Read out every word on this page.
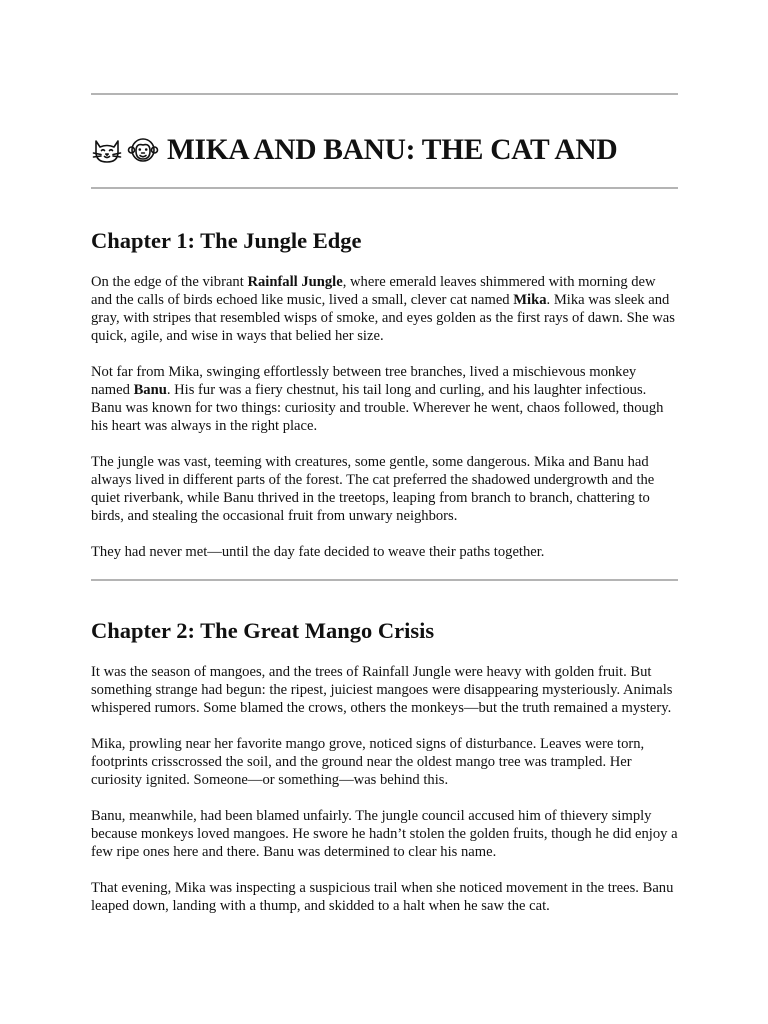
MIKA AND BANU: THE CAT AND
Chapter 1: The Jungle Edge

On the edge of the vibrant Rainfall Jungle, where emerald leaves shimmered with morning dew and the calls of birds echoed like music, lived a small, clever cat named Mika. Mika was sleek and gray, with stripes that resembled wisps of smoke, and eyes golden as the first rays of dawn. She was quick, agile, and wise in ways that belied her size.

Not far from Mika, swinging effortlessly between tree branches, lived a mischievous monkey named Banu. His fur was a fiery chestnut, his tail long and curling, and his laughter infectious. Banu was known for two things: curiosity and trouble. Wherever he went, chaos followed, though his heart was always in the right place.

The jungle was vast, teeming with creatures, some gentle, some dangerous. Mika and Banu had always lived in different parts of the forest. The cat preferred the shadowed undergrowth and the quiet riverbank, while Banu thrived in the treetops, leaping from branch to branch, chattering to birds, and stealing the occasional fruit from unwary neighbors.

They had never met—until the day fate decided to weave their paths together.

Chapter 2: The Great Mango Crisis

It was the season of mangoes, and the trees of Rainfall Jungle were heavy with golden fruit. But something strange had begun: the ripest, juiciest mangoes were disappearing mysteriously. Animals whispered rumors. Some blamed the crows, others the monkeys—but the truth remained a mystery.

Mika, prowling near her favorite mango grove, noticed signs of disturbance. Leaves were torn, footprints crisscrossed the soil, and the ground near the oldest mango tree was trampled. Her curiosity ignited. Someone—or something—was behind this.

Banu, meanwhile, had been blamed unfairly. The jungle council accused him of thievery simply because monkeys loved mangoes. He swore he hadn’t stolen the golden fruits, though he did enjoy a few ripe ones here and there. Banu was determined to clear his name.

That evening, Mika was inspecting a suspicious trail when she noticed movement in the trees. Banu leaped down, landing with a thump, and skidded to a halt when he saw the cat.
